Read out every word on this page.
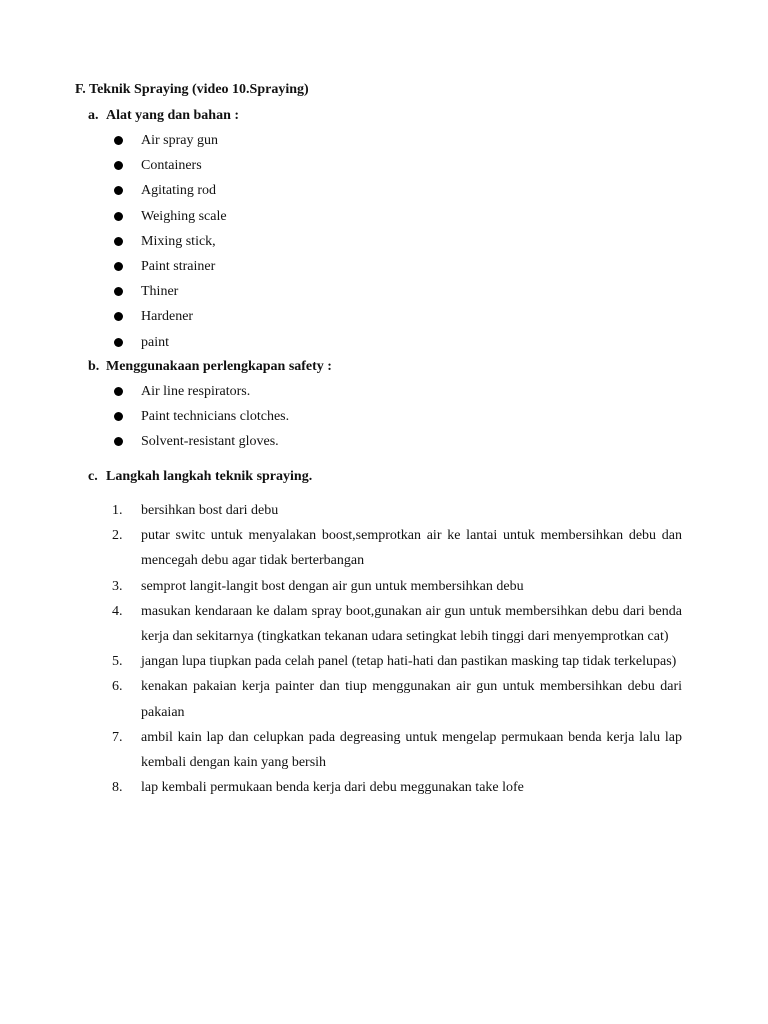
F. Teknik Spraying (video 10.Spraying)
a. Alat yang dan bahan :
Air spray gun
Containers
Agitating rod
Weighing scale
Mixing stick,
Paint strainer
Thiner
Hardener
paint
b. Menggunakaan perlengkapan safety :
Air line respirators.
Paint technicians clotches.
Solvent-resistant gloves.
c. Langkah langkah teknik spraying.
1. bersihkan bost dari debu
2. putar switc untuk menyalakan boost,semprotkan air ke lantai untuk membersihkan debu dan mencegah debu agar tidak berterbangan
3. semprot langit-langit bost dengan air gun untuk membersihkan debu
4. masukan kendaraan ke dalam spray boot,gunakan air gun untuk membersihkan debu dari benda kerja dan sekitarnya (tingkatkan tekanan udara setingkat lebih tinggi dari menyemprotkan cat)
5. jangan lupa tiupkan pada celah panel (tetap hati-hati dan pastikan masking tap tidak terkelupas)
6. kenakan pakaian kerja painter dan tiup menggunakan air gun untuk membersihkan debu dari pakaian
7. ambil kain lap dan celupkan pada degreasing untuk mengelap permukaan benda kerja lalu lap kembali dengan kain yang bersih
8. lap kembali permukaan benda kerja dari debu meggunakan take lofe
